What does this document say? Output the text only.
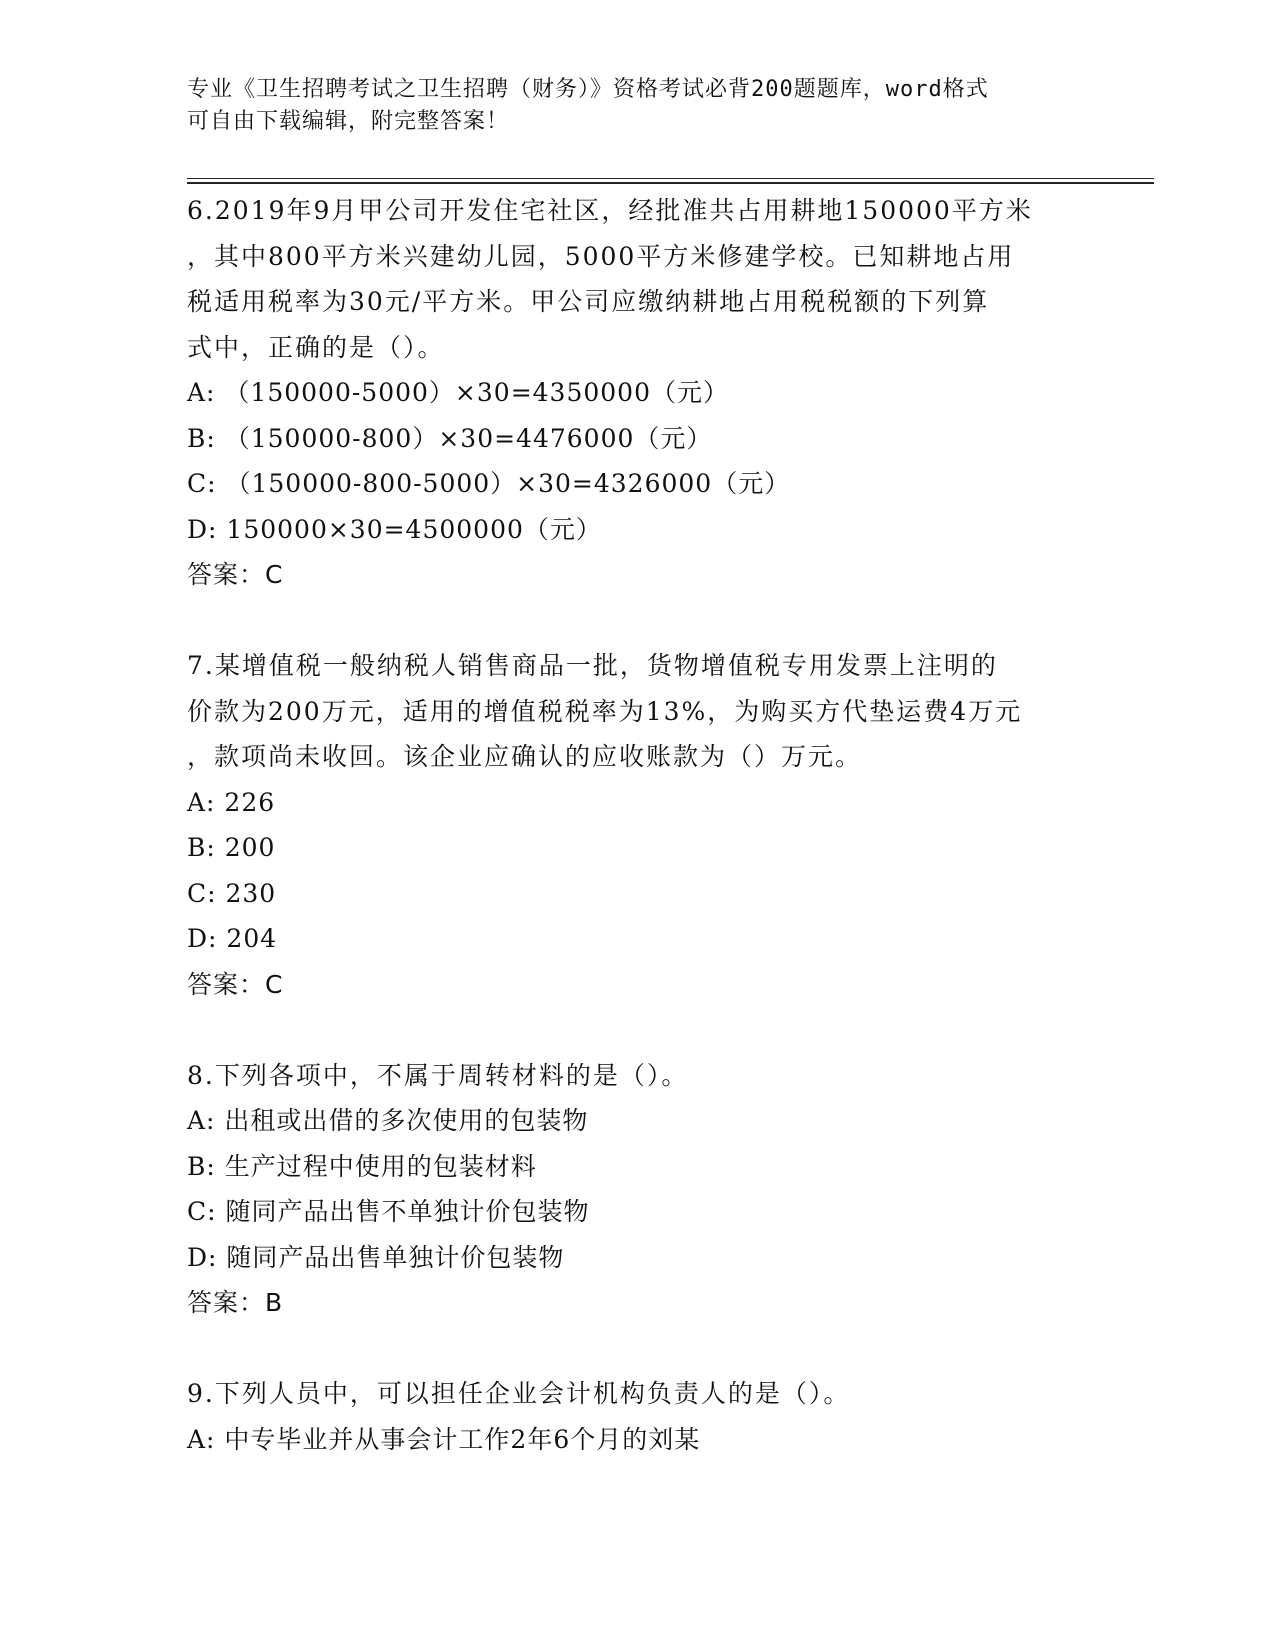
专业《卫生招聘考试之卫生招聘（财务）》资格考试必背200题题库，word格式
可自由下载编辑，附完整答案！
6.2019年9月甲公司开发住宅社区，经批准共占用耕地150000平方米
，其中800平方米兴建幼儿园，5000平方米修建学校。已知耕地占用
税适用税率为30元/平方米。甲公司应缴纳耕地占用税税额的下列算
式中，正确的是（）。
A: （150000-5000）×30=4350000（元）
B: （150000-800）×30=4476000（元）
C: （150000-800-5000）×30=4326000（元）
D: 150000×30=4500000（元）
答案：C
7.某增值税一般纳税人销售商品一批，货物增值税专用发票上注明的
价款为200万元，适用的增值税税率为13%，为购买方代垫运费4万元
，款项尚未收回。该企业应确认的应收账款为（）万元。
A: 226
B: 200
C: 230
D: 204
答案：C
8.下列各项中，不属于周转材料的是（）。
A: 出租或出借的多次使用的包装物
B: 生产过程中使用的包装材料
C: 随同产品出售不单独计价包装物
D: 随同产品出售单独计价包装物
答案：B
9.下列人员中，可以担任企业会计机构负责人的是（）。
A: 中专毕业并从事会计工作2年6个月的刘某
